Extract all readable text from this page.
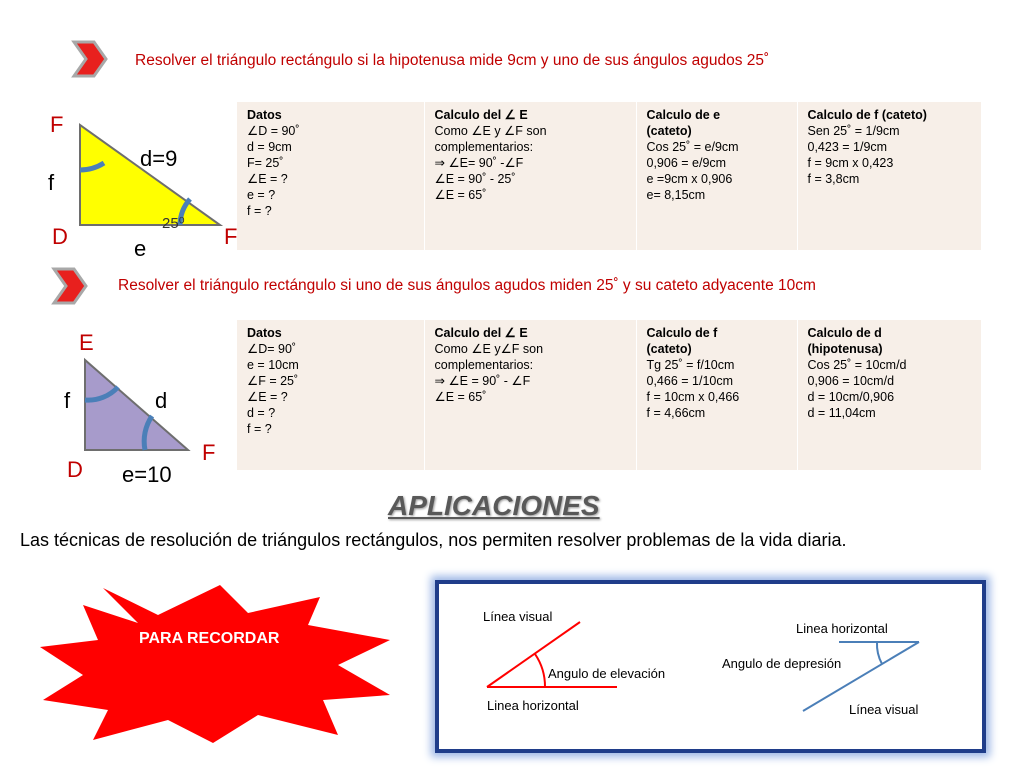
Resolver el triángulo rectángulo si la hipotenusa mide 9cm y uno de sus ángulos agudos 25˚
F
f
d=9
25⁰
D	F
e
Datos
∠D = 90˚
d = 9cm
F= 25˚
∠E = ?
e = ?
f = ?

Calculo del ∠ E
Como ∠E y ∠F son
complementarios:
⇒ ∠E= 90˚ -∠F
∠E = 90˚ - 25˚
∠E = 65˚

Calculo de e
(cateto)
Cos 25˚ = e/9cm
0,906 = e/9cm
e =9cm x 0,906
e= 8,15cm

Calculo de f (cateto)
Sen 25˚ = 1/9cm
0,423 = 1/9cm
f = 9cm x 0,423
f = 3,8cm
Resolver el triángulo rectángulo si uno de sus ángulos agudos miden 25˚ y su cateto adyacente 10cm
E
f	d
F
D e=10
Datos
∠D= 90˚
e = 10cm
∠F = 25˚
∠E = ?
d = ?
f = ?

Calculo del ∠ E
Como ∠E y∠F son
complementarios:
⇒ ∠E = 90˚ - ∠F
∠E = 65˚

Calculo de f
(cateto)
Tg 25˚ = f/10cm
0,466 = 1/10cm
f = 10cm x 0,466
f = 4,66cm

Calculo de d
(hipotenusa)
Cos 25˚ = 10cm/d
0,906 = 10cm/d
d = 10cm/0,906
d = 11,04cm
APLICACIONES
Las técnicas de resolución de triángulos rectángulos, nos permiten resolver problemas de la vida diaria.
PARA RECORDAR
Línea visual
Angulo de elevación
Linea horizontal
Linea horizontal
Angulo de depresión
Línea visual
